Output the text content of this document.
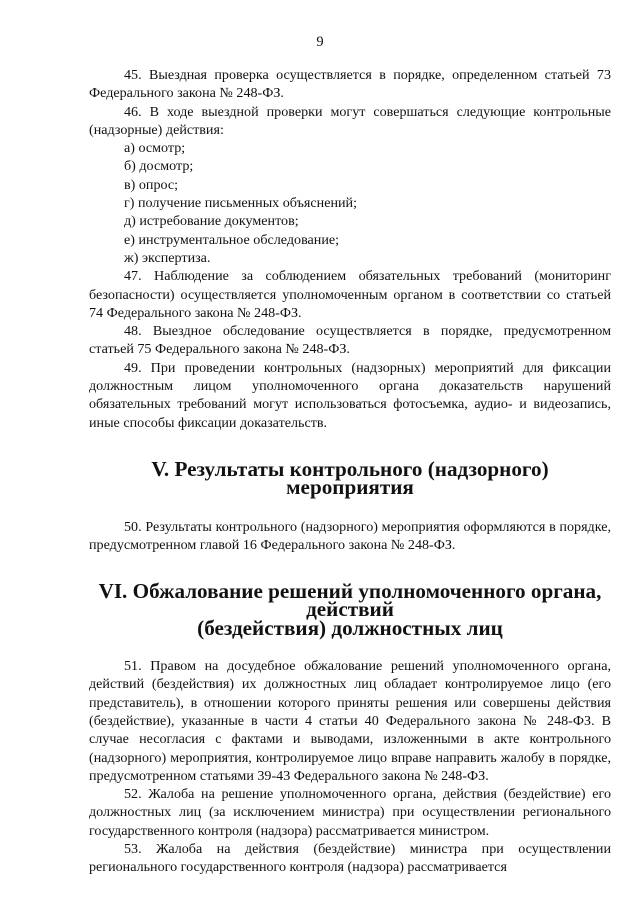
9

45. Выездная проверка осуществляется в порядке, определенном статьей 73 Федерального закона № 248-ФЗ.

46. В ходе выездной проверки могут совершаться следующие контрольные (надзорные) действия:

а) осмотр;

б) досмотр;

в) опрос;

г) получение письменных объяснений;

д) истребование документов;

е) инструментальное обследование;

ж) экспертиза.

47. Наблюдение за соблюдением обязательных требований (мониторинг безопасности) осуществляется уполномоченным органом в соответствии со статьей 74 Федерального закона № 248-ФЗ.

48. Выездное обследование осуществляется в порядке, предусмотренном статьей 75 Федерального закона № 248-ФЗ.

49. При проведении контрольных (надзорных) мероприятий для фиксации должностным лицом уполномоченного органа доказательств нарушений обязательных требований могут использоваться фотосъемка, аудио- и видеозапись, иные способы фиксации доказательств.

V. Результаты контрольного (надзорного) мероприятия

50. Результаты контрольного (надзорного) мероприятия оформляются в порядке, предусмотренном главой 16 Федерального закона № 248-ФЗ.

VI. Обжалование решений уполномоченного органа, действий
(бездействия) должностных лиц

51. Правом на досудебное обжалование решений уполномоченного органа, действий (бездействия) их должностных лиц обладает контролируемое лицо (его представитель), в отношении которого приняты решения или совершены действия (бездействие), указанные в части 4 статьи 40 Федерального закона № 248-ФЗ. В случае несогласия с фактами и выводами, изложенными в акте контрольного (надзорного) мероприятия, контролируемое лицо вправе направить жалобу в порядке, предусмотренном статьями 39-43 Федерального закона № 248-ФЗ.

52. Жалоба на решение уполномоченного органа, действия (бездействие) его должностных лиц (за исключением министра) при осуществлении регионального государственного контроля (надзора) рассматривается министром.

53. Жалоба на действия (бездействие) министра при осуществлении регионального государственного контроля (надзора) рассматривается
